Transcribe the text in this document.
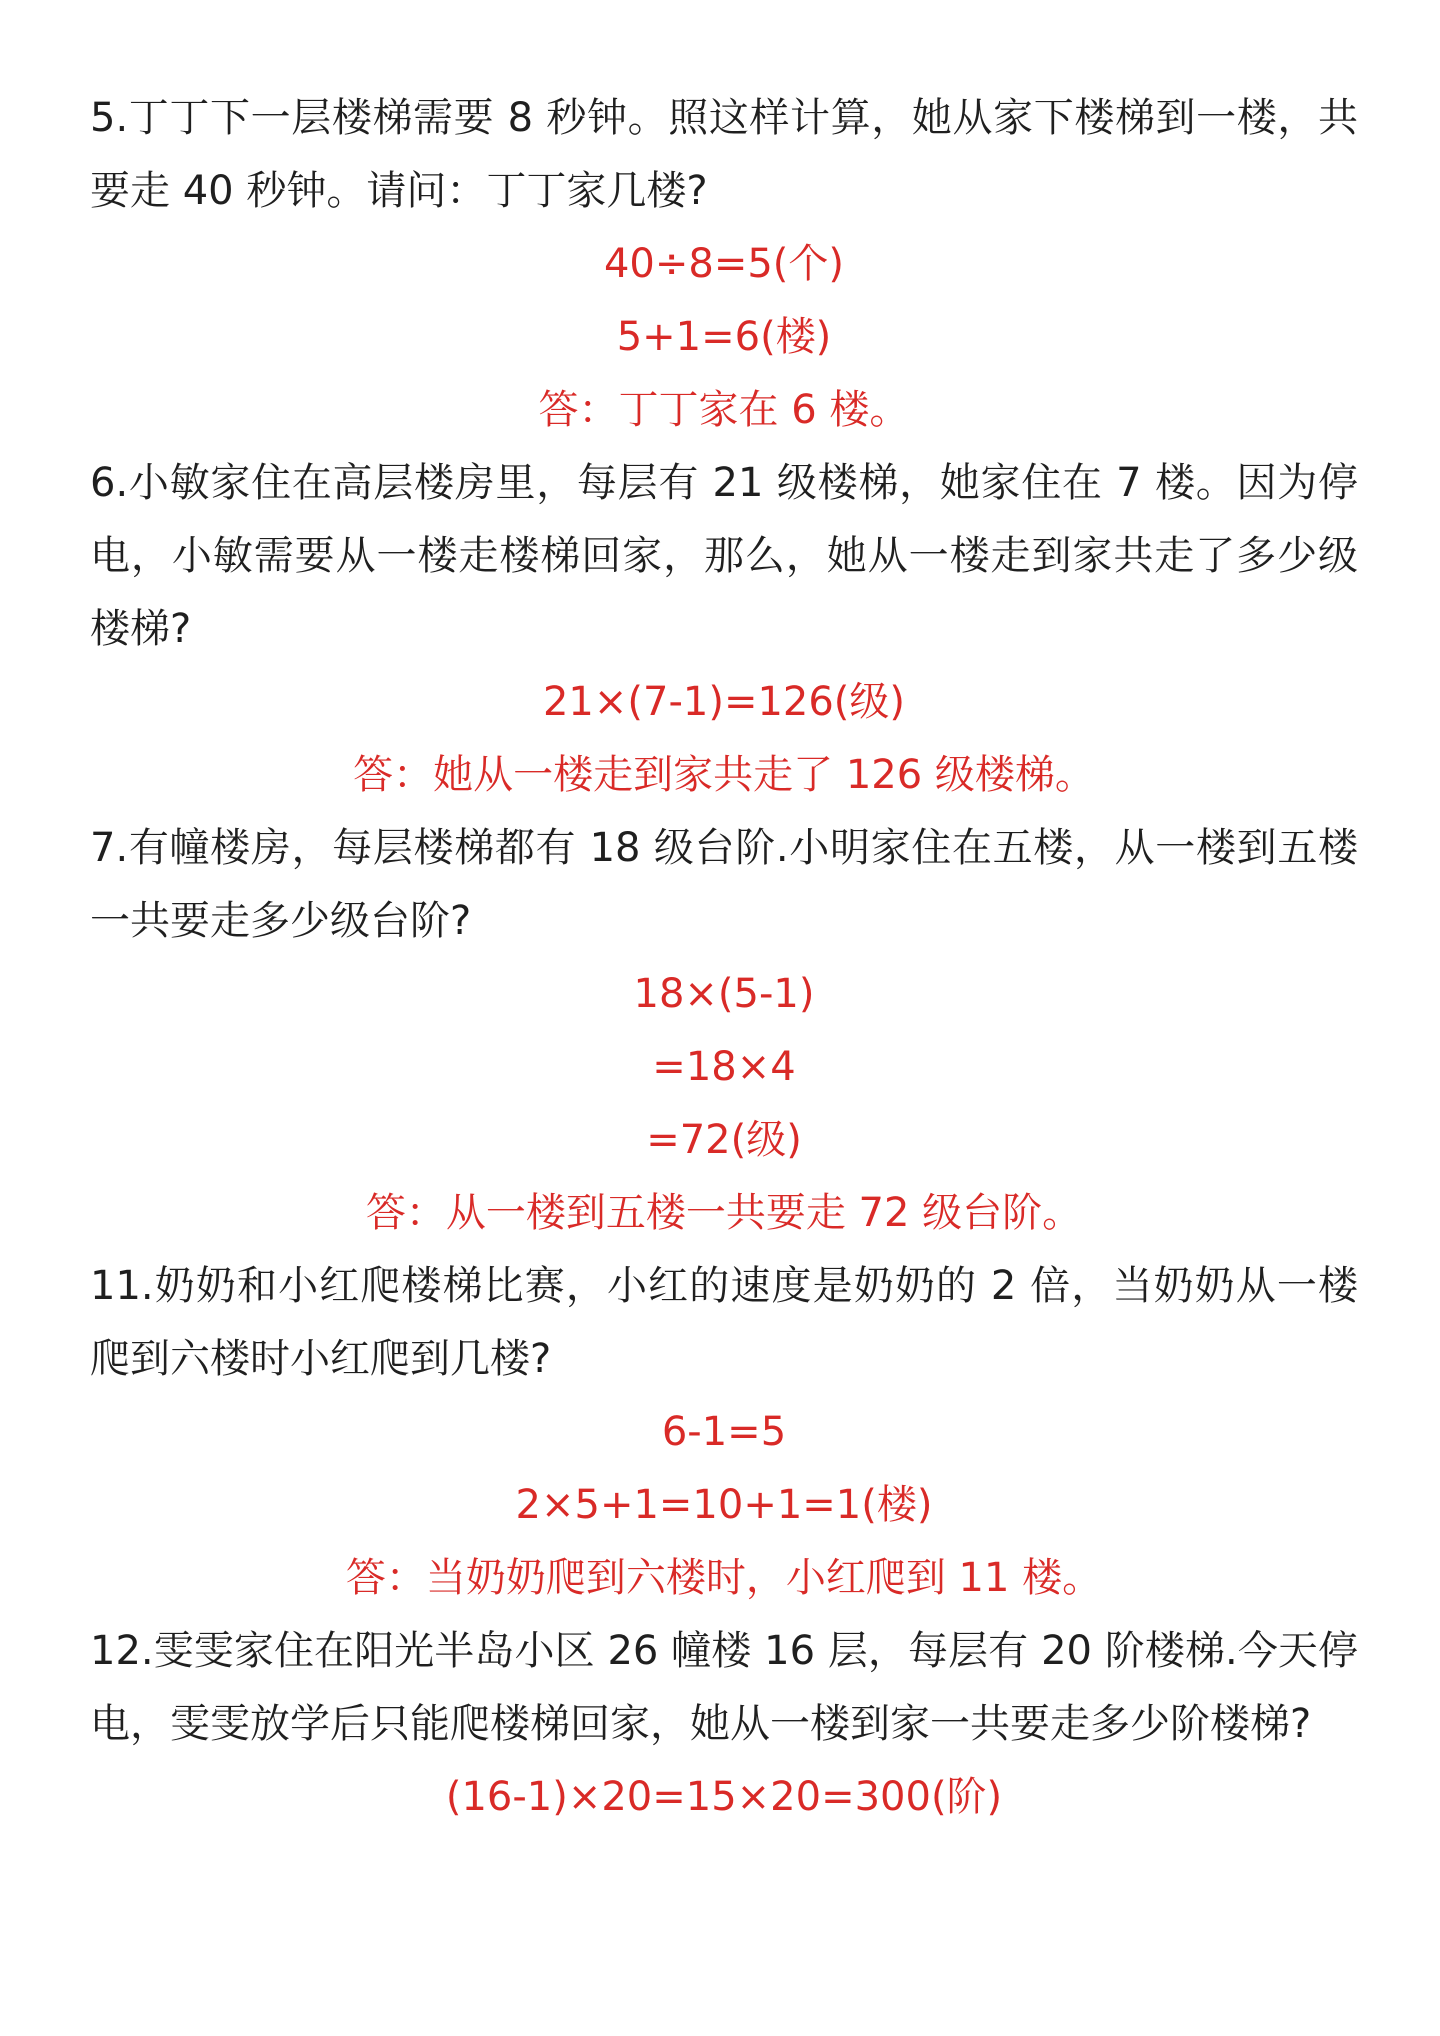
5.丁丁下一层楼梯需要 8 秒钟。照这样计算，她从家下楼梯到一楼，共要走 40 秒钟。请问：丁丁家几楼?

40÷8=5(个)

5+1=6(楼)

答：丁丁家在 6 楼。

6.小敏家住在高层楼房里，每层有 21 级楼梯，她家住在 7 楼。因为停电，小敏需要从一楼走楼梯回家，那么，她从一楼走到家共走了多少级楼梯?

21×(7-1)=126(级)

答：她从一楼走到家共走了 126 级楼梯。

7.有幢楼房，每层楼梯都有 18 级台阶.小明家住在五楼，从一楼到五楼一共要走多少级台阶?

18×(5-1)

=18×4

=72(级)

答：从一楼到五楼一共要走 72 级台阶。

11.奶奶和小红爬楼梯比赛，小红的速度是奶奶的 2 倍，当奶奶从一楼爬到六楼时小红爬到几楼?

6-1=5

2×5+1=10+1=1(楼)

答：当奶奶爬到六楼时，小红爬到 11 楼。

12.雯雯家住在阳光半岛小区 26 幢楼 16 层，每层有 20 阶楼梯.今天停电，雯雯放学后只能爬楼梯回家，她从一楼到家一共要走多少阶楼梯?

(16-1)×20=15×20=300(阶)
